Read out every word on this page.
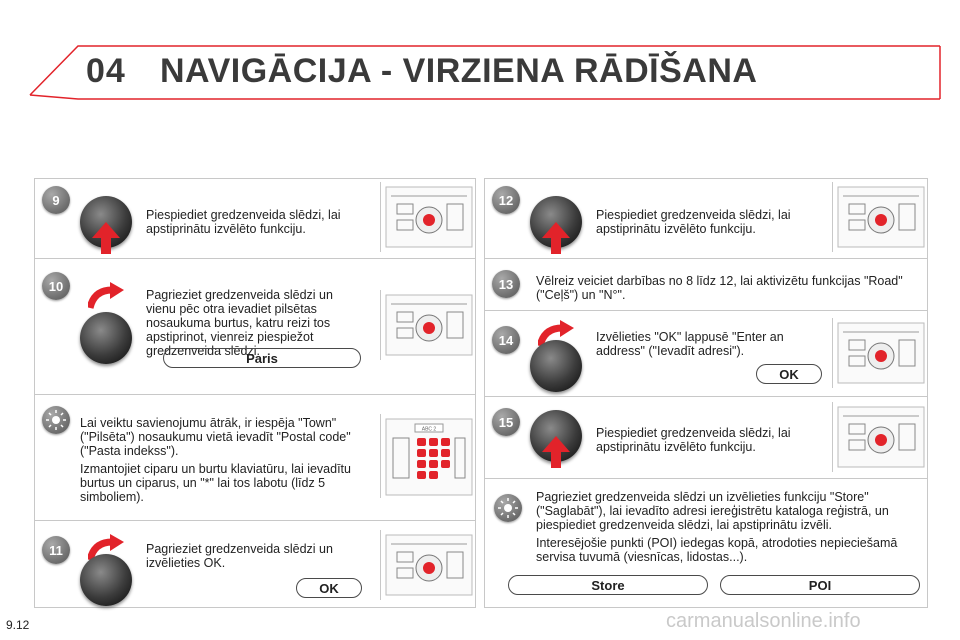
04 NAVIGĀCIJA - VIRZIENA RĀDĪŠANA
9
Piespiediet gredzenveida slēdzi, lai apstiprinātu izvēlēto funkciju.
10
Pagrieziet gredzenveida slēdzi un vienu pēc otra ievadiet pilsētas nosaukuma burtus, katru reizi tos apstiprinot, vienreiz piespiežot gredzenveida slēdzi.
Paris

Lai veiktu savienojumu ātrāk, ir iespēja "Town" ("Pilsēta") nosaukumu vietā ievadīt "Postal code" ("Pasta indekss").

Izmantojiet ciparu un burtu klaviatūru, lai ievadītu burtus un ciparus, un "*" lai tos labotu (līdz 5 simboliem).

ABC 2
11	Pagrieziet gredzenveida slēdzi un izvēlieties OK.
OK
12
Piespiediet gredzenveida slēdzi, lai apstiprinātu izvēlēto funkciju.
13	Vēlreiz veiciet darbības no 8 līdz 12, lai aktivizētu funkcijas "Road" ("Ceļš") un "N°".
14	Izvēlieties "OK" lappusē "Enter an address" ("Ievadīt adresi").
OK
15
Piespiediet gredzenveida slēdzi, lai apstiprinātu izvēlēto funkciju.

Pagrieziet gredzenveida slēdzi un izvēlieties funkciju "Store" ("Saglabāt"), lai ievadīto adresi iereģistrētu kataloga reģistrā, un piespiediet gredzenveida slēdzi, lai apstiprinātu izvēli.

Interesējošie punkti (POI) iedegas kopā, atrodoties nepieciešamā servisa tuvumā (viesnīcas, lidostas...).

Store	POI
9.12	carmanualsonline.info
